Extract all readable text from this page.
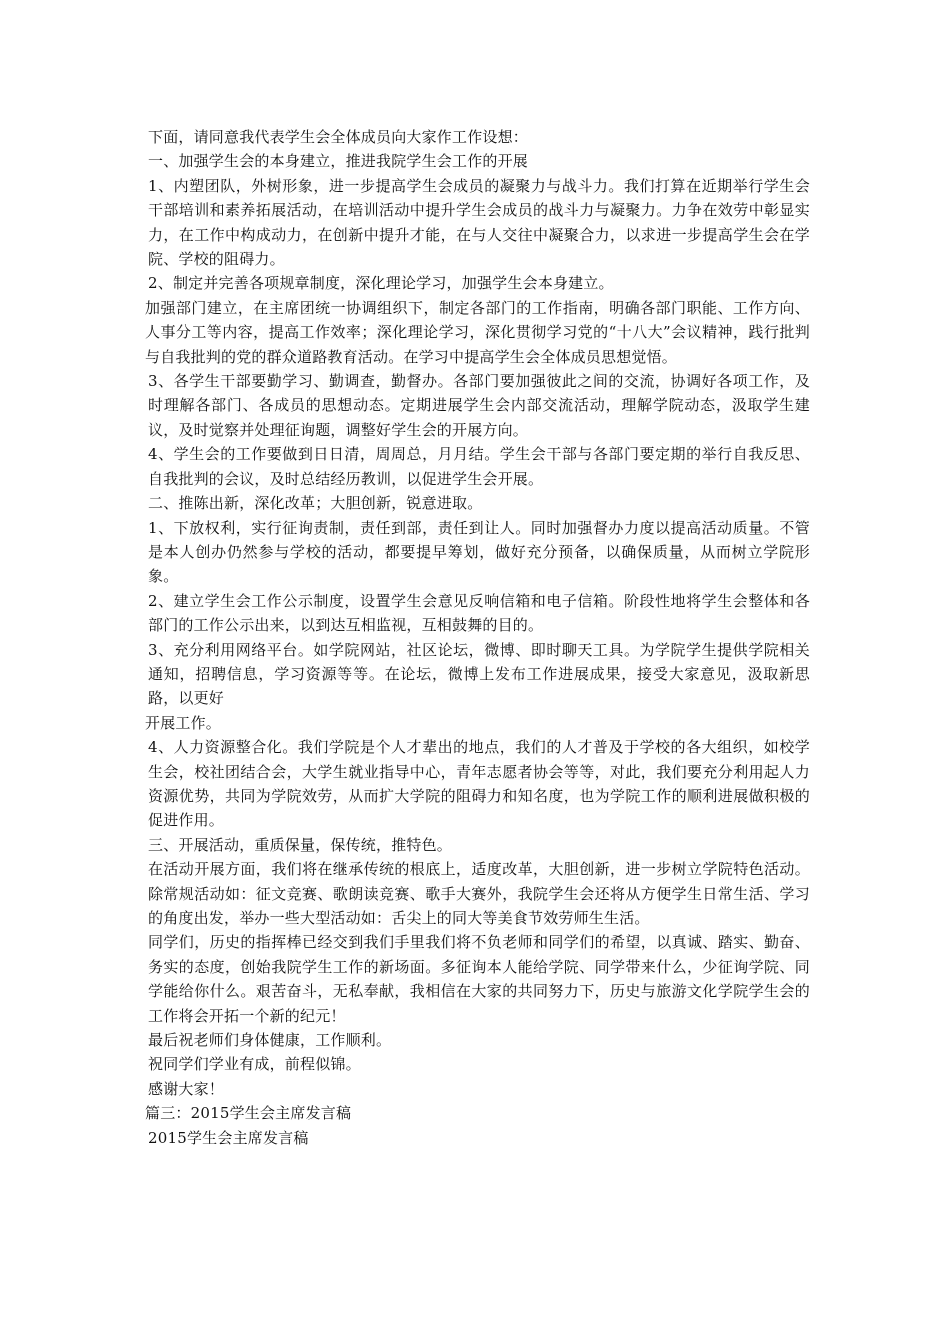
下面，请同意我代表学生会全体成员向大家作工作设想：

一、加强学生会的本身建立，推进我院学生会工作的开展

1、内塑团队，外树形象，进一步提高学生会成员的凝聚力与战斗力。我们打算在近期举行学生会干部培训和素养拓展活动，在培训活动中提升学生会成员的战斗力与凝聚力。力争在效劳中彰显实力，在工作中构成动力，在创新中提升才能，在与人交往中凝聚合力，以求进一步提高学生会在学院、学校的阻碍力。

2、制定并完善各项规章制度，深化理论学习，加强学生会本身建立。

加强部门建立，在主席团统一协调组织下，制定各部门的工作指南，明确各部门职能、工作方向、人事分工等内容，提高工作效率；深化理论学习，深化贯彻学习党的“十八大”会议精神，践行批判与自我批判的党的群众道路教育活动。在学习中提高学生会全体成员思想觉悟。

3、各学生干部要勤学习、勤调查，勤督办。各部门要加强彼此之间的交流，协调好各项工作，及时理解各部门、各成员的思想动态。定期进展学生会内部交流活动，理解学院动态，汲取学生建议，及时觉察并处理征询题，调整好学生会的开展方向。

4、学生会的工作要做到日日清，周周总，月月结。学生会干部与各部门要定期的举行自我反思、自我批判的会议，及时总结经历教训，以促进学生会开展。

二、推陈出新，深化改革；大胆创新，锐意进取。

1、下放权利，实行征询责制，责任到部，责任到让人。同时加强督办力度以提高活动质量。不管是本人创办仍然参与学校的活动，都要提早筹划，做好充分预备，以确保质量，从而树立学院形象。

2、建立学生会工作公示制度，设置学生会意见反响信箱和电子信箱。阶段性地将学生会整体和各部门的工作公示出来，以到达互相监视，互相鼓舞的目的。

3、充分利用网络平台。如学院网站，社区论坛，微博、即时聊天工具。为学院学生提供学院相关通知，招聘信息，学习资源等等。在论坛，微博上发布工作进展成果，接受大家意见，汲取新思路，以更好

开展工作。

4、人力资源整合化。我们学院是个人才辈出的地点，我们的人才普及于学校的各大组织，如校学生会，校社团结合会，大学生就业指导中心，青年志愿者协会等等，对此，我们要充分利用起人力资源优势，共同为学院效劳，从而扩大学院的阻碍力和知名度，也为学院工作的顺利进展做积极的促进作用。

三、开展活动，重质保量，保传统，推特色。

在活动开展方面，我们将在继承传统的根底上，适度改革，大胆创新，进一步树立学院特色活动。除常规活动如：征文竞赛、歌朗读竞赛、歌手大赛外，我院学生会还将从方便学生日常生活、学习的角度出发，举办一些大型活动如：舌尖上的同大等美食节效劳师生生活。

同学们，历史的指挥棒已经交到我们手里我们将不负老师和同学们的希望，以真诚、踏实、勤奋、务实的态度，创始我院学生工作的新场面。多征询本人能给学院、同学带来什么，少征询学院、同学能给你什么。艰苦奋斗，无私奉献，我相信在大家的共同努力下，历史与旅游文化学院学生会的工作将会开拓一个新的纪元！

最后祝老师们身体健康，工作顺利。

祝同学们学业有成，前程似锦。

感谢大家！

篇三：2015学生会主席发言稿

2015学生会主席发言稿
